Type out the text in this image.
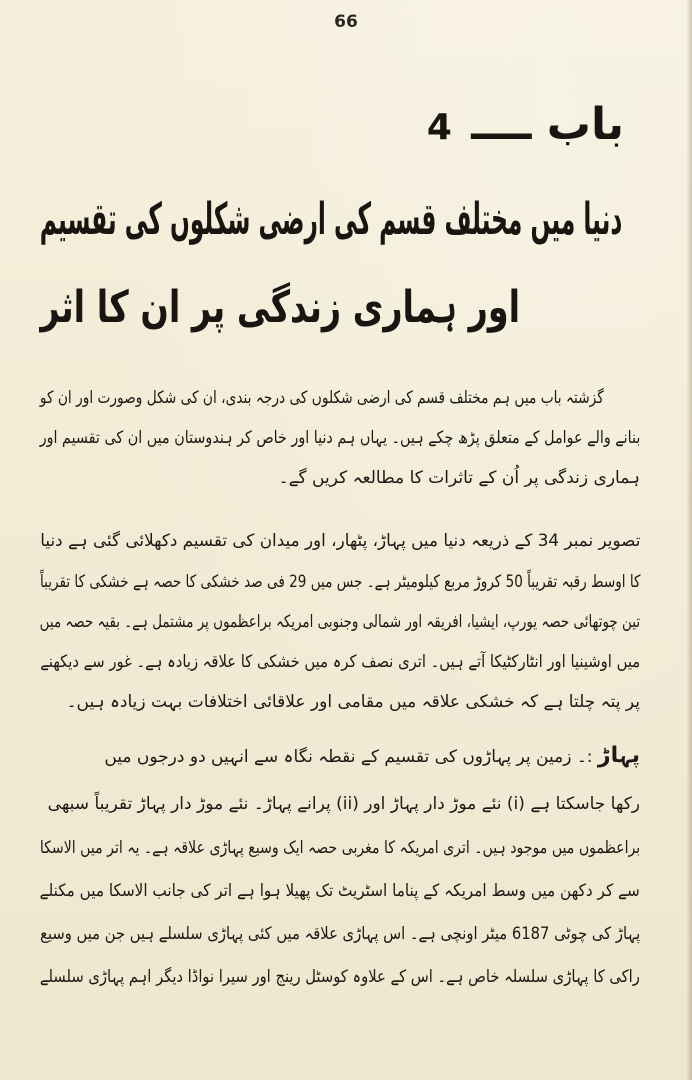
66
باب ــــ 4
دنیا میں مختلف قسم کی ارضی شکلوں کی تقسیم
اور ہماری زندگی پر ان کا اثر
گزشتہ باب میں ہم مختلف قسم کی ارضی شکلوں کی درجہ بندی، ان کی شکل وصورت اور ان کو
بنانے والے عوامل کے متعلق پڑھ چکے ہیں۔ یہاں ہم دنیا اور خاص کر ہندوستان میں ان کی تقسیم اور
ہماری زندگی پر اُن کے تاثرات کا مطالعہ کریں گے۔
تصویر نمبر 34 کے ذریعہ دنیا میں پہاڑ، پٹھار، اور میدان کی تقسیم دکھلائی گئی ہے دنیا
کا اوسط رقبہ تقریباً 50 کروڑ مربع کیلومیٹر ہے۔ جس میں 29 فی صد خشکی کا حصہ ہے خشکی کا تقریباً
تین چوتھائی حصہ یورپ، ایشیا، افریقہ اور شمالی وجنوبی امریکہ براعظموں پر مشتمل ہے۔ بقیہ حصہ میں
میں اوشینیا اور انٹارکٹیکا آتے ہیں۔ اتری نصف کرہ میں خشکی کا علاقہ زیادہ ہے۔ غور سے دیکھنے
پر پتہ چلتا ہے کہ خشکی علاقہ میں مقامی اور علاقائی اختلافات بہت زیادہ ہیں۔
پہاڑ :۔ زمین پر پہاڑوں کی تقسیم کے نقطہ نگاہ سے انہیں دو درجوں میں
رکھا جاسکتا ہے (i) نئے موڑ دار پہاڑ اور (ii) پرانے پہاڑ۔ نئے موڑ دار پہاڑ تقریباً سبھی
براعظموں میں موجود ہیں۔ اتری امریکہ کا مغربی حصہ ایک وسیع پہاڑی علاقہ ہے۔ یہ اتر میں الاسکا
سے کر دکھن میں وسط امریکہ کے پناما اسٹریٹ تک پھیلا ہوا ہے اتر کی جانب الاسکا میں مکنلے
پہاڑ کی چوٹی 6187 میٹر اونچی ہے۔ اس پہاڑی علاقہ میں کئی پہاڑی سلسلے ہیں جن میں وسیع
راکی کا پہاڑی سلسلہ خاص ہے۔ اس کے علاوہ کوسٹل رینج اور سیرا نواڈا دیگر اہم پہاڑی سلسلے
